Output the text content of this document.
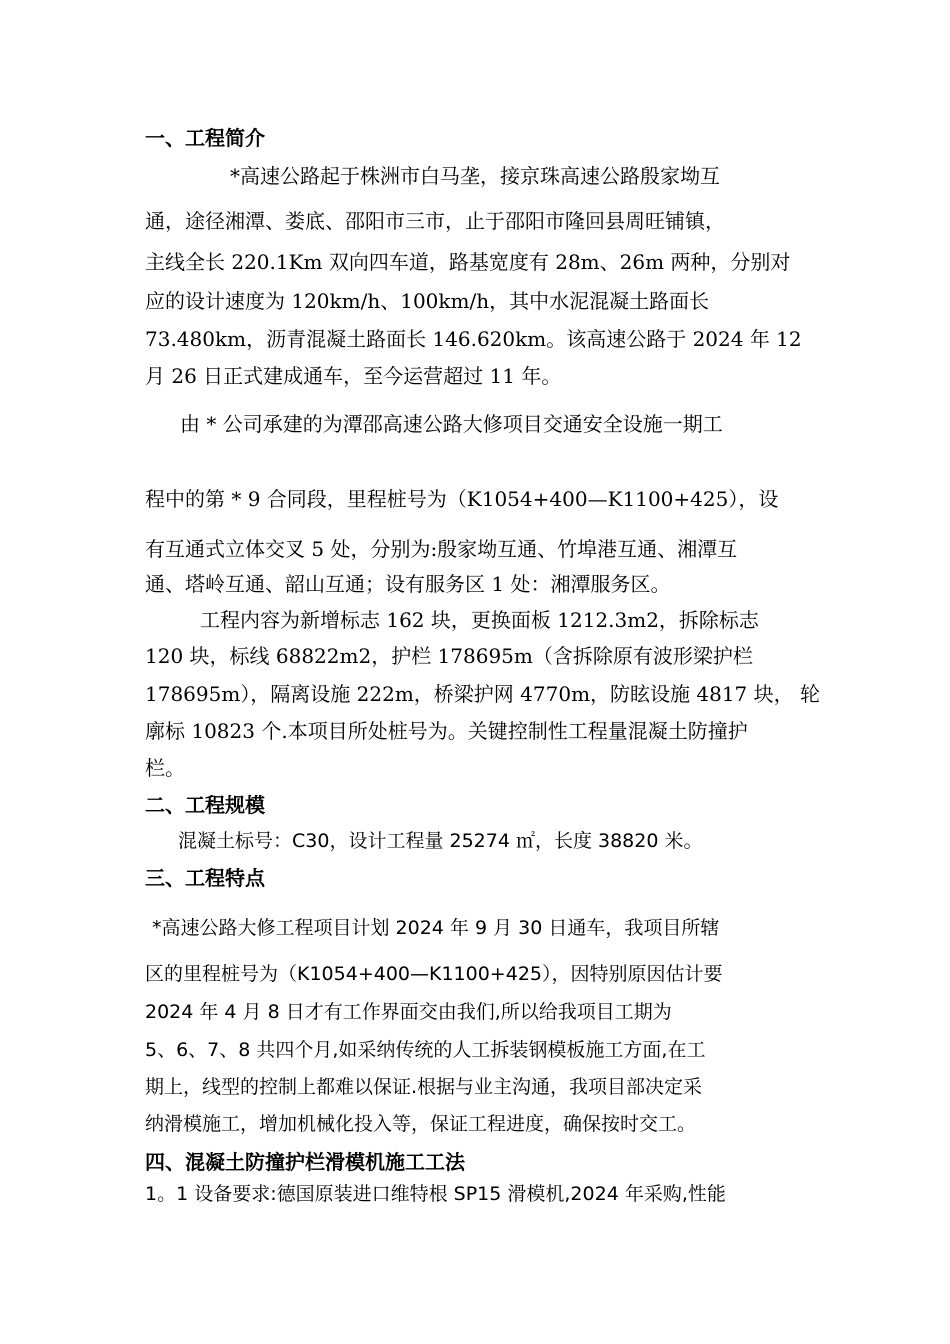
一、工程简介
*高速公路起于株洲市白马垄，接京珠高速公路殷家坳互
通，途径湘潭、娄底、邵阳市三市，止于邵阳市隆回县周旺铺镇，
主线全长 220.1Km 双向四车道，路基宽度有 28m、26m 两种，分别对
应的设计速度为 120km/h、100km/h，其中水泥混凝土路面长
73.480km，沥青混凝土路面长 146.620km。该高速公路于 2024 年 12
月 26 日正式建成通车，至今运营超过 11 年。
由 * 公司承建的为潭邵高速公路大修项目交通安全设施一期工
程中的第 * 9 合同段，里程桩号为（K1054+400—K1100+425），设
有互通式立体交叉 5 处，分别为:殷家坳互通、竹埠港互通、湘潭互
通、塔岭互通、韶山互通；设有服务区 1 处：湘潭服务区。
工程内容为新增标志 162 块，更换面板 1212.3m2，拆除标志
120 块，标线 68822m2，护栏 178695m（含拆除原有波形梁护栏
178695m），隔离设施 222m，桥梁护网 4770m，防眩设施 4817 块， 轮
廓标 10823 个.本项目所处桩号为。关键控制性工程量混凝土防撞护
栏。
二、工程规模
混凝土标号：C30，设计工程量 25274 ㎡，长度 38820 米。
三、工程特点
*高速公路大修工程项目计划 2024 年 9 月 30 日通车，我项目所辖
区的里程桩号为（K1054+400—K1100+425），因特别原因估计要
2024 年 4 月 8 日才有工作界面交由我们,所以给我项目工期为
5、6、7、8 共四个月,如采纳传统的人工拆装钢模板施工方面,在工
期上，线型的控制上都难以保证.根据与业主沟通，我项目部决定采
纳滑模施工，增加机械化投入等，保证工程进度，确保按时交工。
四、混凝土防撞护栏滑模机施工工法
1。1 设备要求:德国原装进口维特根 SP15 滑模机,2024 年采购,性能
